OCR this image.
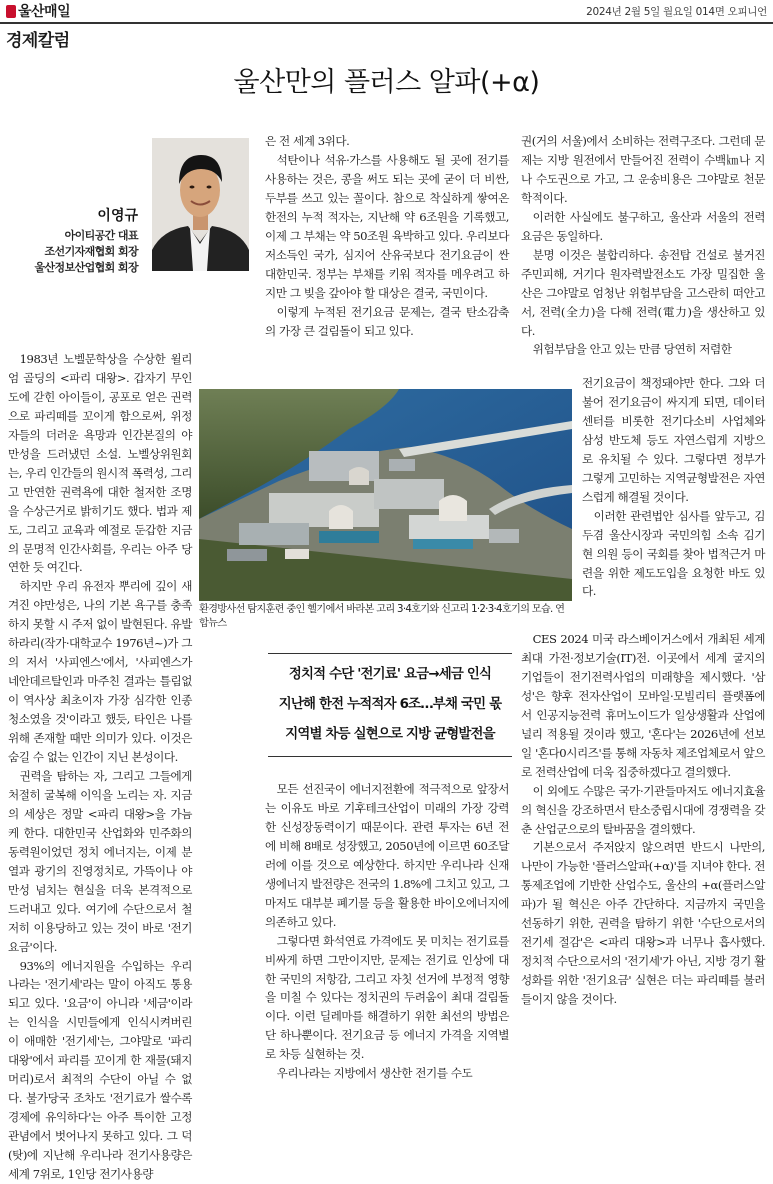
울산매일	2024년 2월 5일 월요일 014면 오피니언
경제칼럼
울산만의 플러스 알파(+α)
이영규
아이티공간 대표
조선기자재협회 회장
울산정보산업협회 회장

1983년 노벨문학상을 수상한 윌리엄 골딩의 <파리 대왕>. 갑자기 무인도에 갇힌 아이들이, 공포로 얻은 권력으로 파리떼를 꼬이게 함으로써, 위정자들의 더러운 욕망과 인간본질의 야만성을 드러냈던 소설. 노벨상위원회는, 우리 인간들의 원시적 폭력성, 그리고 만연한 권력욕에 대한 철저한 조명을 수상근거로 밝히기도 했다. 법과 제도, 그리고 교육과 예절로 둔갑한 지금의 문명적 인간사회를, 우리는 아주 당연한 듯 여긴다.

하지만 우리 유전자 뿌리에 깊이 새겨진 야만성은, 나의 기본 욕구를 충족하지 못할 시 주저 없이 발현된다. 유발 하라리(작가·대학교수 1976년~)가 그의 저서 '사피엔스'에서, '사피엔스가 네안데르탈인과 마주친 결과는 틀림없이 역사상 최초이자 가장 심각한 인종청소였을 것'이라고 했듯, 타인은 나를 위해 존재할 때만 의미가 있다. 이것은 숨길 수 없는 인간이 지닌 본성이다.

권력을 탐하는 자, 그리고 그들에게 처절히 굴복해 이익을 노리는 자. 지금의 세상은 정말 <파리 대왕>을 가늠케 한다. 대한민국 산업화와 민주화의 동력원이었던 정치 에너지는, 이제 분열과 광기의 진영정치로, 가뜩이나 야만성 넘치는 현실을 더욱 본격적으로 드러내고 있다. 여기에 수단으로서 철저히 이용당하고 있는 것이 바로 '전기요금'이다.

93%의 에너지원을 수입하는 우리나라는 '전기세'라는 말이 아직도 통용되고 있다. '요금'이 아니라 '세금'이라는 인식을 시민들에게 인식시켜버린 이 애매한 '전기세'는, 그야말로 '파리 대왕'에서 파리를 꼬이게 한 재물(돼지머리)로서 최적의 수단이 아닐 수 없다. 불가당국 조차도 '전기료가 쌀수록 경제에 유익하다'는 아주 특이한 고정관념에서 벗어나지 못하고 있다. 그 덕(탓)에 지난해 우리나라 전기사용량은 세계 7위로, 1인당 전기사용량

은 전 세계 3위다.

석탄이나 석유·가스를 사용해도 될 곳에 전기를 사용하는 것은, 콩을 써도 되는 곳에 굳이 더 비싼, 두부를 쓰고 있는 꼴이다. 참으로 착실하게 쌓여온 한전의 누적 적자는, 지난해 약 6조원을 기록했고, 이제 그 부채는 약 50조원 육박하고 있다. 우리보다 저소득인 국가, 심지어 산유국보다 전기요금이 싼 대한민국. 정부는 부채를 키워 적자를 메우려고 하지만 그 빚을 갚아야 할 대상은 결국, 국민이다.

이렇게 누적된 전기요금 문제는, 결국 탄소감축의 가장 큰 걸림돌이 되고 있다.

권(거의 서울)에서 소비하는 전력구조다. 그런데 문제는 지방 원전에서 만들어진 전력이 수백㎞나 지나 수도권으로 가고, 그 운송비용은 그야말로 천문학적이다.

이러한 사실에도 불구하고, 울산과 서울의 전력 요금은 동일하다.

분명 이것은 불합리하다. 송전탑 건설로 불거진 주민피해, 거기다 원자력발전소도 가장 밀집한 울산은 그야말로 엄청난 위험부담을 고스란히 떠안고서, 전력(全力)을 다해 전력(電力)을 생산하고 있다.

위험부담을 안고 있는 만큼 당연히 저렴한

전기요금이 책정돼야만 한다. 그와 더불어 전기요금이 싸지게 되면, 데이터센터를 비롯한 전기다소비 사업체와 삼성 반도체 등도 자연스럽게 지방으로 유치될 수 있다. 그렇다면 정부가 그렇게 고민하는 지역균형발전은 자연스럽게 해결될 것이다.

이러한 관련법안 심사를 앞두고, 김두겸 울산시장과 국민의힘 소속 김기현 의원 등이 국회를 찾아 법적근거 마련을 위한 제도도입을 요청한 바도 있다.

환경방사선 탐지훈련 중인 헬기에서 바라본 고리 3·4호기와 신고리 1·2·3·4호기의 모습. 연합뉴스
정치적 수단 '전기료' 요금→세금 인식
지난해 한전 누적적자 6조…부채 국민 몫
지역별 차등 실현으로 지방 균형발전을

모든 선진국이 에너지전환에 적극적으로 앞장서는 이유도 바로 기후테크산업이 미래의 가장 강력한 신성장동력이기 때문이다. 관련 투자는 6년 전에 비해 8배로 성장했고, 2050년에 이르면 60조달러에 이를 것으로 예상한다. 하지만 우리나라 신재생에너지 발전량은 전국의 1.8%에 그치고 있고, 그마저도 대부분 폐기물 등을 활용한 바이오에너지에 의존하고 있다.

그렇다면 화석연료 가격에도 못 미치는 전기료를 비싸게 하면 그만이지만, 문제는 전기료 인상에 대한 국민의 저항감, 그리고 자칫 선거에 부정적 영향을 미칠 수 있다는 정치권의 두려움이 최대 걸림돌이다. 이런 딜레마를 해결하기 위한 최선의 방법은 단 하나뿐이다. 전기요금 등 에너지 가격을 지역별로 차등 실현하는 것.

우리나라는 지방에서 생산한 전기를 수도

CES 2024 미국 라스베이거스에서 개최된 세계최대 가전·정보기술(IT)전. 이곳에서 세계 굴지의 기업들이 전기전력사업의 미래향을 제시했다. '삼성'은 향후 전자산업이 모바일·모빌리티 플랫폼에서 인공지능전력 휴머노이드가 일상생활과 산업에 널리 적용될 것이라 했고, '혼다'는 2026년에 선보일 '혼다0시리즈'를 통해 자동차 제조업체로서 앞으로 전력산업에 더욱 집중하겠다고 결의했다.

이 외에도 수많은 국가·기관들마저도 에너지효율의 혁신을 강조하면서 탄소중립시대에 경쟁력을 갖춘 산업군으로의 탈바꿈을 결의했다.

기본으로서 주저앉지 않으려면 반드시 나만의, 나만이 가능한 '플러스알파(+α)'를 지녀야 한다. 전통제조업에 기반한 산업수도, 울산의 +α(플러스알파)가 될 혁신은 아주 간단하다. 지금까지 국민을 선동하기 위한, 권력을 탐하기 위한 '수단으로서의 전기세 절감'은 <파리 대왕>과 너무나 흡사했다. 정치적 수단으로서의 '전기세'가 아닌, 지방 경기 활성화를 위한 '전기요금' 실현은 더는 파리떼를 불러들이지 않을 것이다.
